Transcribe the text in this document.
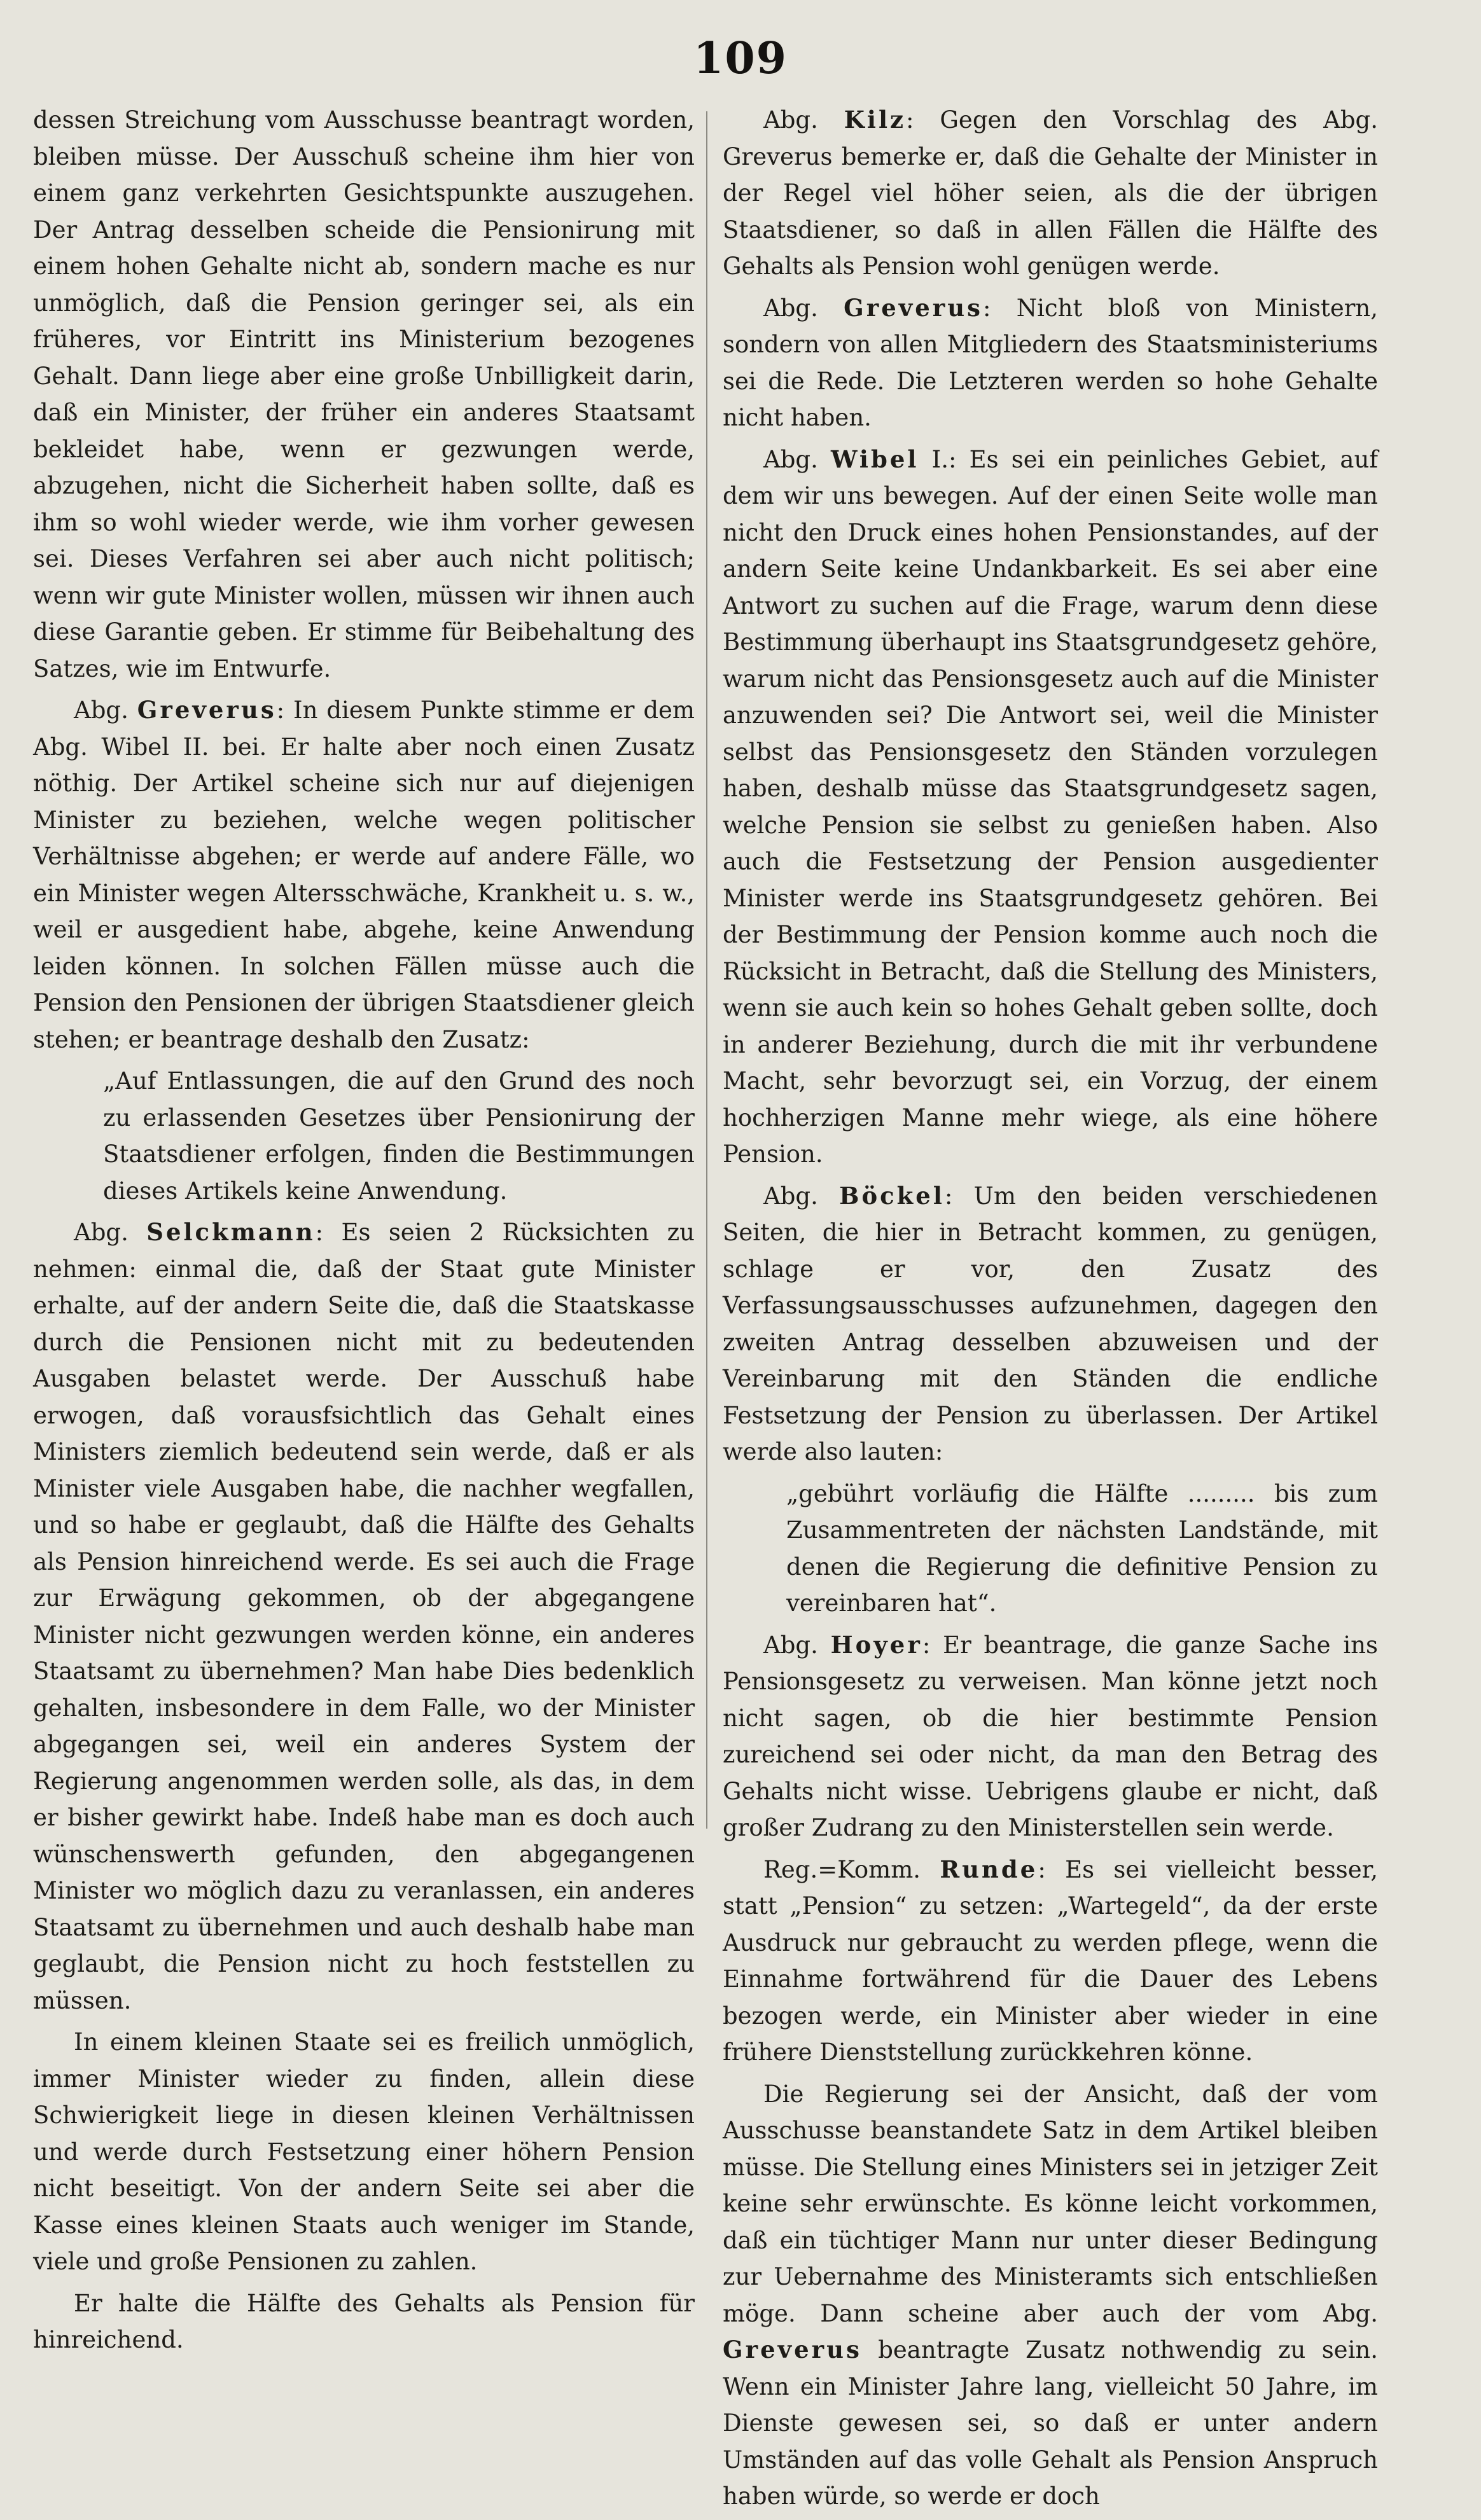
109

dessen Streichung vom Ausschusse beantragt worden, bleiben müsse. Der Ausschuß scheine ihm hier von einem ganz verkehrten Gesichtspunkte auszugehen. Der Antrag desselben scheide die Pensionirung mit einem hohen Gehalte nicht ab, sondern mache es nur unmöglich, daß die Pension geringer sei, als ein früheres, vor Eintritt ins Ministerium bezogenes Gehalt. Dann liege aber eine große Unbilligkeit darin, daß ein Minister, der früher ein anderes Staatsamt bekleidet habe, wenn er gezwungen werde, abzugehen, nicht die Sicherheit haben sollte, daß es ihm so wohl wieder werde, wie ihm vorher gewesen sei. Dieses Verfahren sei aber auch nicht politisch; wenn wir gute Minister wollen, müssen wir ihnen auch diese Garantie geben. Er stimme für Beibehaltung des Satzes, wie im Entwurfe.

Abg. Greverus: In diesem Punkte stimme er dem Abg. Wibel II. bei. Er halte aber noch einen Zusatz nöthig. Der Artikel scheine sich nur auf diejenigen Minister zu beziehen, welche wegen politischer Verhältnisse abgehen; er werde auf andere Fälle, wo ein Minister wegen Altersschwäche, Krankheit u. s. w., weil er ausgedient habe, abgehe, keine Anwendung leiden können. In solchen Fällen müsse auch die Pension den Pensionen der übrigen Staatsdiener gleich stehen; er beantrage deshalb den Zusatz:

„Auf Entlassungen, die auf den Grund des noch zu erlassenden Gesetzes über Pensionirung der Staatsdiener erfolgen, finden die Bestimmungen dieses Artikels keine Anwendung.

Abg. Selckmann: Es seien 2 Rücksichten zu nehmen: einmal die, daß der Staat gute Minister erhalte, auf der andern Seite die, daß die Staatskasse durch die Pensionen nicht mit zu bedeutenden Ausgaben belastet werde. Der Ausschuß habe erwogen, daß vorausfsichtlich das Gehalt eines Ministers ziemlich bedeutend sein werde, daß er als Minister viele Ausgaben habe, die nachher wegfallen, und so habe er geglaubt, daß die Hälfte des Gehalts als Pension hinreichend werde. Es sei auch die Frage zur Erwägung gekommen, ob der abgegangene Minister nicht gezwungen werden könne, ein anderes Staatsamt zu übernehmen? Man habe Dies bedenklich gehalten, insbesondere in dem Falle, wo der Minister abgegangen sei, weil ein anderes System der Regierung angenommen werden solle, als das, in dem er bisher gewirkt habe. Indeß habe man es doch auch wünschenswerth gefunden, den abgegangenen Minister wo möglich dazu zu veranlassen, ein anderes Staatsamt zu übernehmen und auch deshalb habe man geglaubt, die Pension nicht zu hoch feststellen zu müssen.

In einem kleinen Staate sei es freilich unmöglich, immer Minister wieder zu finden, allein diese Schwierigkeit liege in diesen kleinen Verhältnissen und werde durch Festsetzung einer höhern Pension nicht beseitigt. Von der andern Seite sei aber die Kasse eines kleinen Staats auch weniger im Stande, viele und große Pensionen zu zahlen.

Er halte die Hälfte des Gehalts als Pension für hinreichend.

Abg. Kilz: Gegen den Vorschlag des Abg. Greverus bemerke er, daß die Gehalte der Minister in der Regel viel höher seien, als die der übrigen Staatsdiener, so daß in allen Fällen die Hälfte des Gehalts als Pension wohl genügen werde.

Abg. Greverus: Nicht bloß von Ministern, sondern von allen Mitgliedern des Staatsministeriums sei die Rede. Die Letzteren werden so hohe Gehalte nicht haben.

Abg. Wibel I.: Es sei ein peinliches Gebiet, auf dem wir uns bewegen. Auf der einen Seite wolle man nicht den Druck eines hohen Pensionstandes, auf der andern Seite keine Undankbarkeit. Es sei aber eine Antwort zu suchen auf die Frage, warum denn diese Bestimmung überhaupt ins Staatsgrundgesetz gehöre, warum nicht das Pensionsgesetz auch auf die Minister anzuwenden sei? Die Antwort sei, weil die Minister selbst das Pensionsgesetz den Ständen vorzulegen haben, deshalb müsse das Staatsgrundgesetz sagen, welche Pension sie selbst zu genießen haben. Also auch die Festsetzung der Pension ausgedienter Minister werde ins Staatsgrundgesetz gehören. Bei der Bestimmung der Pension komme auch noch die Rücksicht in Betracht, daß die Stellung des Ministers, wenn sie auch kein so hohes Gehalt geben sollte, doch in anderer Beziehung, durch die mit ihr verbundene Macht, sehr bevorzugt sei, ein Vorzug, der einem hochherzigen Manne mehr wiege, als eine höhere Pension.

Abg. Böckel: Um den beiden verschiedenen Seiten, die hier in Betracht kommen, zu genügen, schlage er vor, den Zusatz des Verfassungsausschusses aufzunehmen, dagegen den zweiten Antrag desselben abzuweisen und der Vereinbarung mit den Ständen die endliche Festsetzung der Pension zu überlassen. Der Artikel werde also lauten:

„gebührt vorläufig die Hälfte ......... bis zum Zusammentreten der nächsten Landstände, mit denen die Regierung die definitive Pension zu vereinbaren hat“.

Abg. Hoyer: Er beantrage, die ganze Sache ins Pensionsgesetz zu verweisen. Man könne jetzt noch nicht sagen, ob die hier bestimmte Pension zureichend sei oder nicht, da man den Betrag des Gehalts nicht wisse. Uebrigens glaube er nicht, daß großer Zudrang zu den Ministerstellen sein werde.

Reg.=Komm. Runde: Es sei vielleicht besser, statt „Pension“ zu setzen: „Wartegeld“, da der erste Ausdruck nur gebraucht zu werden pflege, wenn die Einnahme fortwährend für die Dauer des Lebens bezogen werde, ein Minister aber wieder in eine frühere Dienststellung zurückkehren könne.

Die Regierung sei der Ansicht, daß der vom Ausschusse beanstandete Satz in dem Artikel bleiben müsse. Die Stellung eines Ministers sei in jetziger Zeit keine sehr erwünschte. Es könne leicht vorkommen, daß ein tüchtiger Mann nur unter dieser Bedingung zur Uebernahme des Ministeramts sich entschließen möge. Dann scheine aber auch der vom Abg. Greverus beantragte Zusatz nothwendig zu sein. Wenn ein Minister Jahre lang, vielleicht 50 Jahre, im Dienste gewesen sei, so daß er unter andern Umständen auf das volle Gehalt als Pension Anspruch haben würde, so werde er doch
